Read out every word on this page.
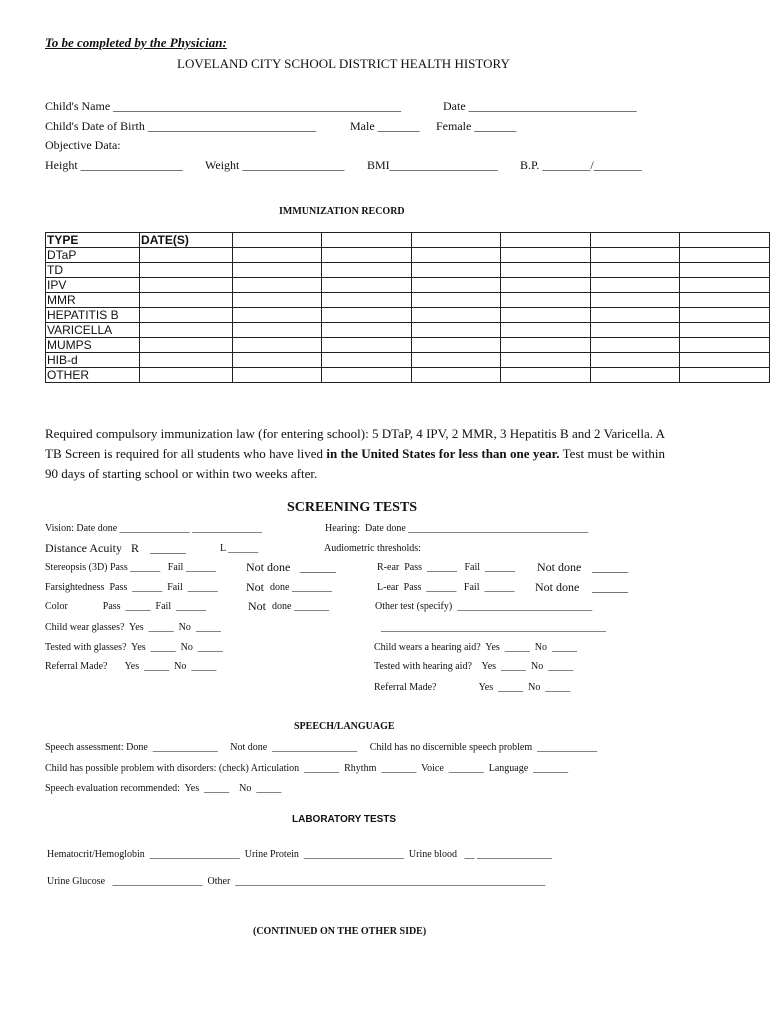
To be completed by the Physician:
LOVELAND CITY SCHOOL DISTRICT HEALTH HISTORY
Child's Name ________________________________________________	Date ____________________________
Child's Date of Birth ____________________________	Male _______ Female _______
Objective Data:
Height _________________ Weight _________________ BMI__________________ B.P. ________/________
IMMUNIZATION RECORD
TYPE	DATE(S)						
DTaP							
TD							
IPV							
MMR							
HEPATITIS B							
VARICELLA							
MUMPS							
HIB-d							
OTHER							
Required compulsory immunization law (for entering school): 5 DTaP, 4 IPV, 2 MMR, 3 Hepatitis B and 2 Varicella. A TB Screen is required for all students who have lived in the United States for less than one year. Test must be within 90 days of starting school or within two weeks after.
SCREENING TESTS
Vision: Date done ______________ ______________	Hearing:  Date done ____________________________________
Distance Acuity   R ______	L ______	Audiometric thresholds:
Stereopsis (3D) Pass ______   Fail ______	Not done ______	R-ear  Pass  ______   Fail  ______ Not done ______
Farsightedness  Pass  ______  Fail  ______ Not done ________	L-ear  Pass  ______   Fail  ______ Not done ______
Color              Pass  _____  Fail  ______	Not done _______	Other test (specify)  ___________________________
Child wear glasses?  Yes  _____  No  _____	_____________________________________________
Tested with glasses?  Yes  _____  No  _____	Child wears a hearing aid?  Yes  _____  No  _____
Referral Made?       Yes  _____  No  _____	Tested with hearing aid?    Yes  _____  No  _____
Referral Made?                 Yes  _____  No  _____
SPEECH/LANGUAGE
Speech assessment: Done  _____________     Not done  _________________     Child has no discernible speech problem  ____________
Child has possible problem with disorders: (check) Articulation  _______  Rhythm  _______  Voice  _______  Language  _______
Speech evaluation recommended:  Yes  _____    No  _____
LABORATORY TESTS
Hematocrit/Hemoglobin  __________________  Urine Protein  ____________________  Urine blood   __ _______________
Urine Glucose   __________________  Other  ______________________________________________________________
(CONTINUED ON THE OTHER SIDE)
